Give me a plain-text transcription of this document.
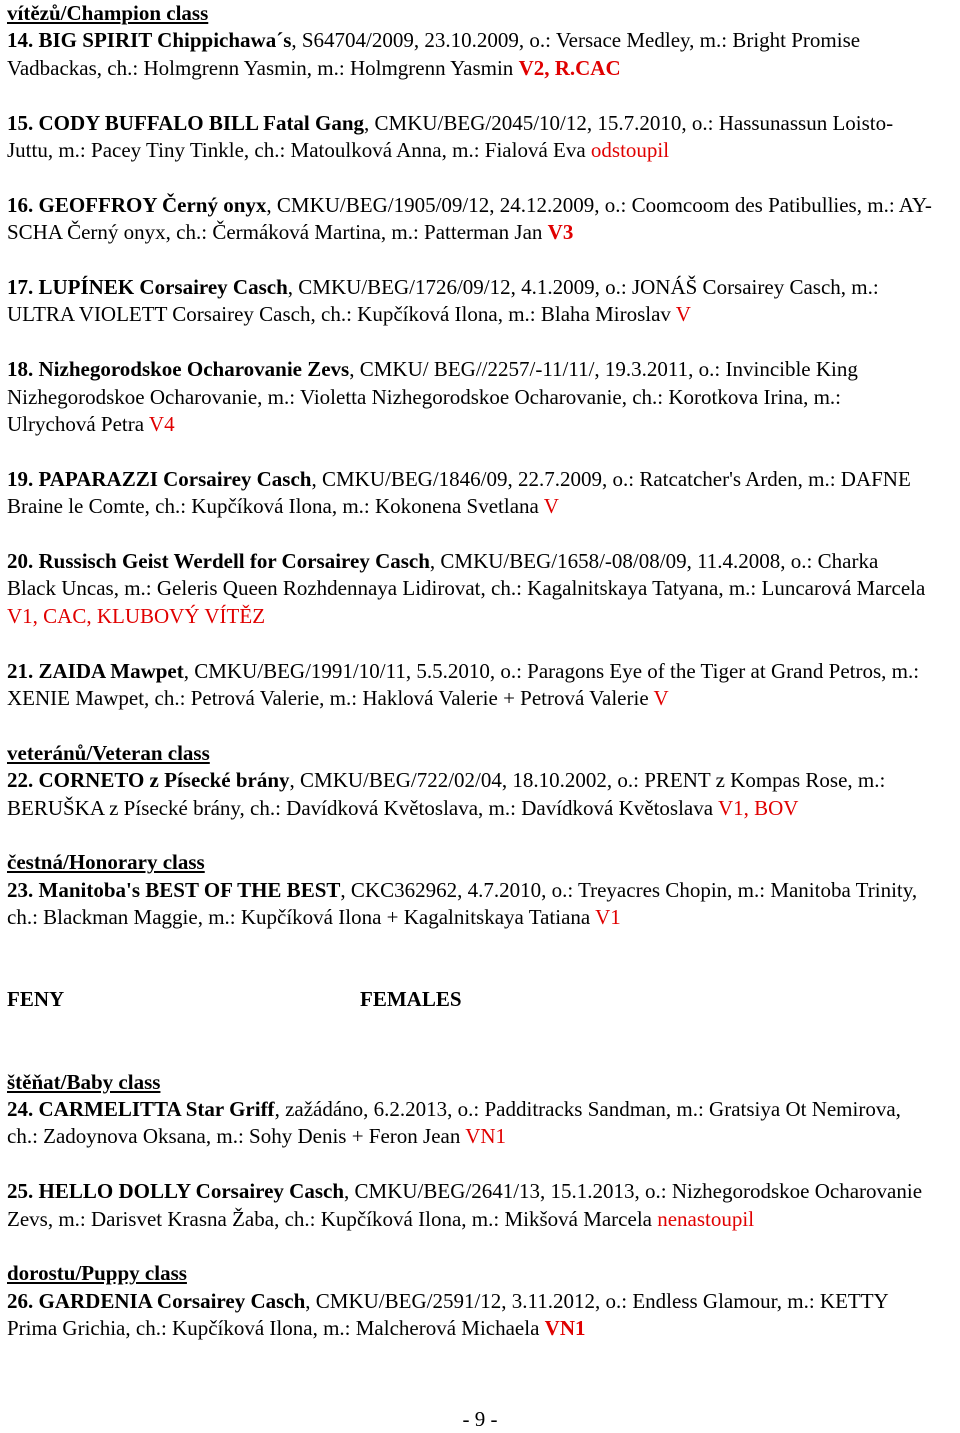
vítězů/Champion class

14. BIG SPIRIT Chippichawa´s, S64704/2009, 23.10.2009, o.: Versace Medley, m.: Bright Promise Vadbackas, ch.: Holmgrenn Yasmin, m.: Holmgrenn Yasmin V2, R.CAC

15. CODY BUFFALO BILL Fatal Gang, CMKU/BEG/2045/10/12, 15.7.2010, o.: Hassunassun Loisto-Juttu, m.: Pacey Tiny Tinkle, ch.: Matoulková Anna, m.: Fialová Eva odstoupil

16. GEOFFROY Černý onyx, CMKU/BEG/1905/09/12, 24.12.2009, o.: Coomcoom des Patibullies, m.: AY-SCHA Černý onyx, ch.: Čermáková Martina, m.: Patterman Jan V3

17. LUPÍNEK Corsairey Casch, CMKU/BEG/1726/09/12, 4.1.2009, o.: JONÁŠ Corsairey Casch, m.: ULTRA VIOLETT Corsairey Casch, ch.: Kupčíková Ilona, m.: Blaha Miroslav V

18. Nizhegorodskoe Ocharovanie Zevs, CMKU/ BEG//2257/-11/11/, 19.3.2011, o.: Invincible King Nizhegorodskoe Ocharovanie, m.: Violetta Nizhegorodskoe Ocharovanie, ch.: Korotkova Irina, m.: Ulrychová Petra V4

19. PAPARAZZI Corsairey Casch, CMKU/BEG/1846/09, 22.7.2009, o.: Ratcatcher's Arden, m.: DAFNE Braine le Comte, ch.: Kupčíková Ilona, m.: Kokonena Svetlana V

20. Russisch Geist Werdell for Corsairey Casch, CMKU/BEG/1658/-08/08/09, 11.4.2008, o.: Charka Black Uncas, m.: Geleris Queen Rozhdennaya Lidirovat, ch.: Kagalnitskaya Tatyana, m.: Luncarová Marcela V1, CAC, KLUBOVÝ VÍTĚZ

21. ZAIDA Mawpet, CMKU/BEG/1991/10/11, 5.5.2010, o.: Paragons Eye of the Tiger at Grand Petros, m.: XENIE Mawpet, ch.: Petrová Valerie, m.: Haklová Valerie + Petrová Valerie V

veteránů/Veteran class

22. CORNETO z Písecké brány, CMKU/BEG/722/02/04, 18.10.2002, o.: PRENT z Kompas Rose, m.: BERUŠKA z Písecké brány, ch.: Davídková Květoslava, m.: Davídková Květoslava V1, BOV

čestná/Honorary class

23. Manitoba's BEST OF THE BEST, CKC362962, 4.7.2010, o.: Treyacres Chopin, m.: Manitoba Trinity, ch.: Blackman Maggie, m.: Kupčíková Ilona + Kagalnitskaya Tatiana V1

FENY	FEMALES
štěňat/Baby class

24. CARMELITTA Star Griff, zažádáno, 6.2.2013, o.: Padditracks Sandman, m.: Gratsiya Ot Nemirova, ch.: Zadoynova Oksana, m.: Sohy Denis + Feron Jean VN1

25. HELLO DOLLY Corsairey Casch, CMKU/BEG/2641/13, 15.1.2013, o.: Nizhegorodskoe Ocharovanie Zevs, m.: Darisvet Krasna Žaba, ch.: Kupčíková Ilona, m.: Mikšová Marcela nenastoupil

dorostu/Puppy class

26. GARDENIA Corsairey Casch, CMKU/BEG/2591/12, 3.11.2012, o.: Endless Glamour, m.: KETTY Prima Grichia, ch.: Kupčíková Ilona, m.: Malcherová Michaela VN1

- 9 -
